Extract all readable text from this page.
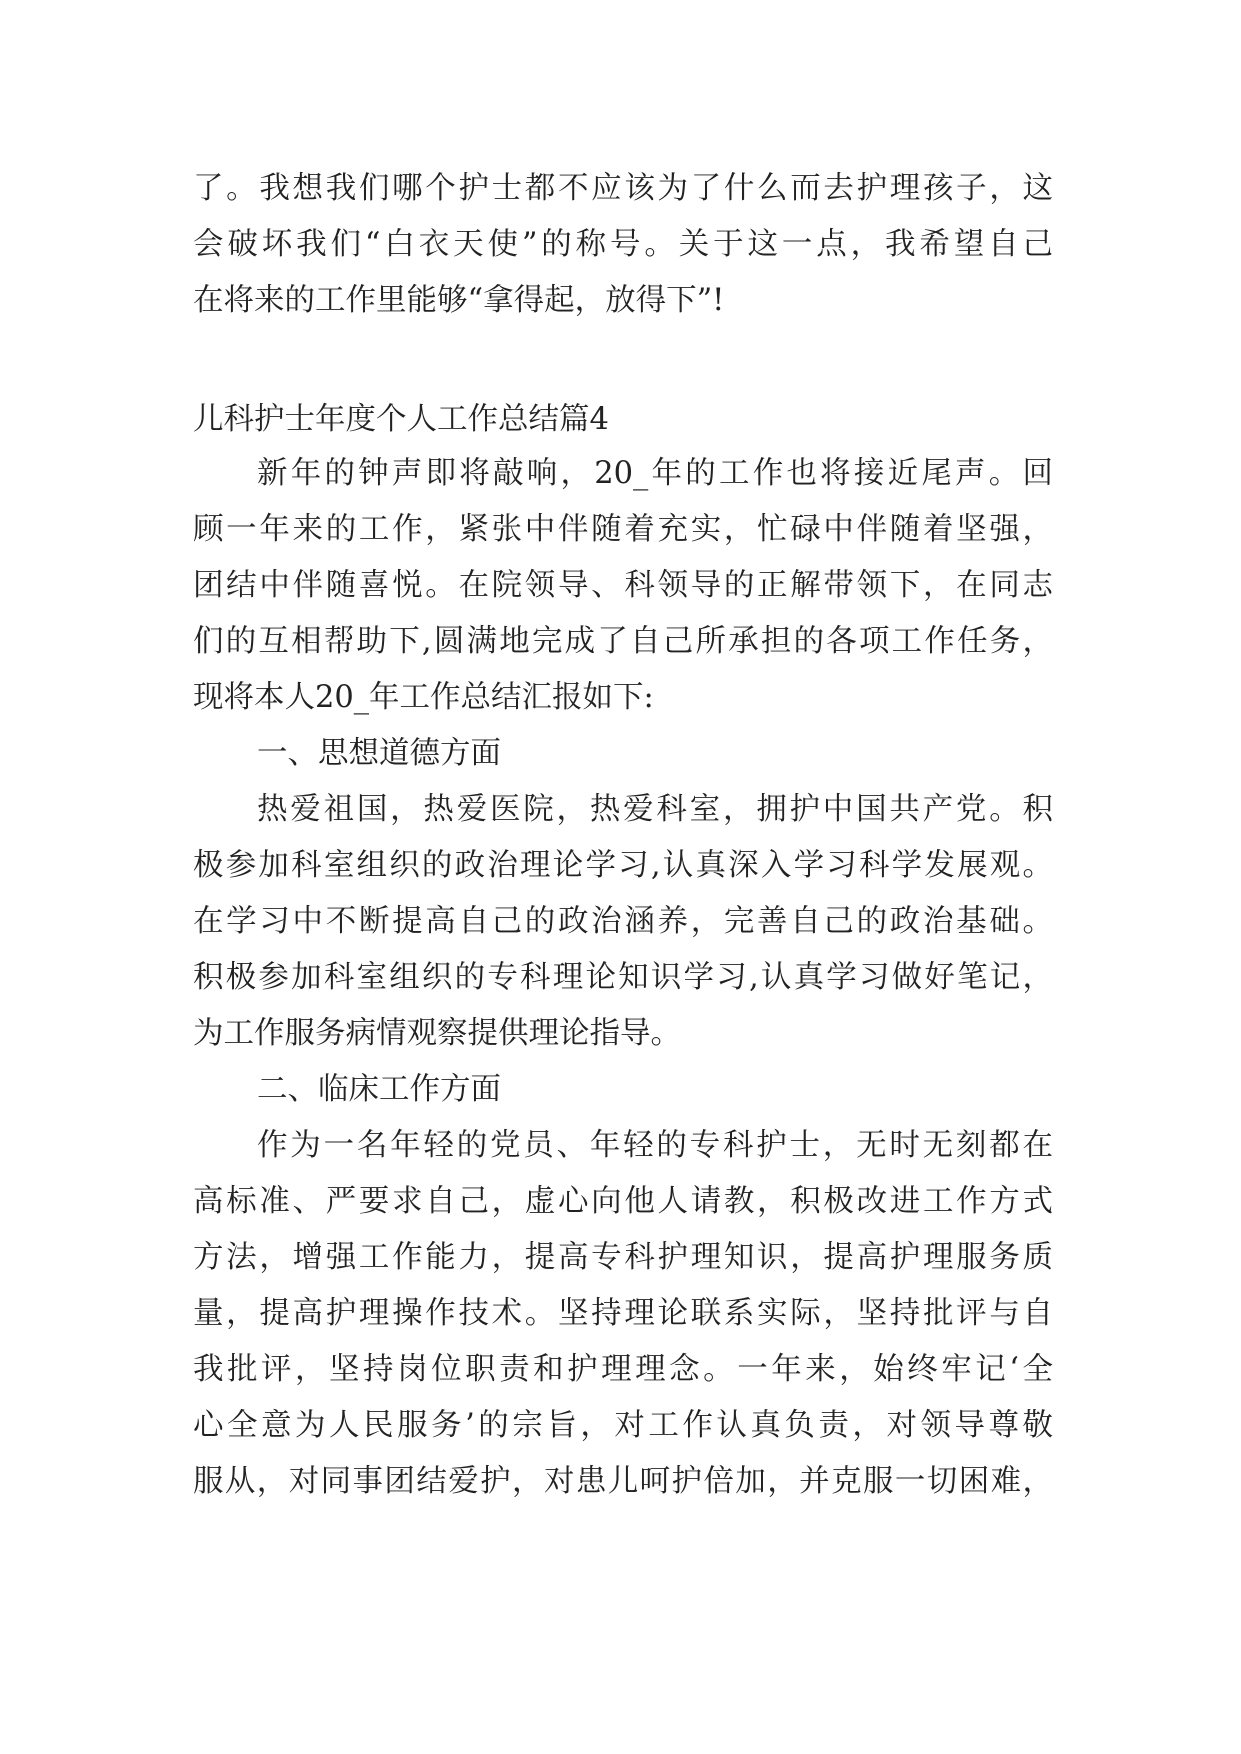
了。我想我们哪个护士都不应该为了什么而去护理孩子，这
会破坏我们“白衣天使”的称号。关于这一点，我希望自己
在将来的工作里能够“拿得起，放得下”!
儿科护士年度个人工作总结篇4
新年的钟声即将敲响，20_年的工作也将接近尾声。回
顾一年来的工作，紧张中伴随着充实，忙碌中伴随着坚强，
团结中伴随喜悦。在院领导、科领导的正解带领下，在同志
们的互相帮助下,圆满地完成了自己所承担的各项工作任务，
现将本人20_年工作总结汇报如下:
一、思想道德方面
热爱祖国，热爱医院，热爱科室，拥护中国共产党。积
极参加科室组织的政治理论学习,认真深入学习科学发展观。
在学习中不断提高自己的政治涵养，完善自己的政治基础。
积极参加科室组织的专科理论知识学习,认真学习做好笔记，
为工作服务病情观察提供理论指导。
二、临床工作方面
作为一名年轻的党员、年轻的专科护士，无时无刻都在
高标准、严要求自己，虚心向他人请教，积极改进工作方式
方法，增强工作能力，提高专科护理知识，提高护理服务质
量，提高护理操作技术。坚持理论联系实际，坚持批评与自
我批评，坚持岗位职责和护理理念。一年来，始终牢记‘全
心全意为人民服务’的宗旨，对工作认真负责，对领导尊敬
服从，对同事团结爱护，对患儿呵护倍加，并克服一切困难，
